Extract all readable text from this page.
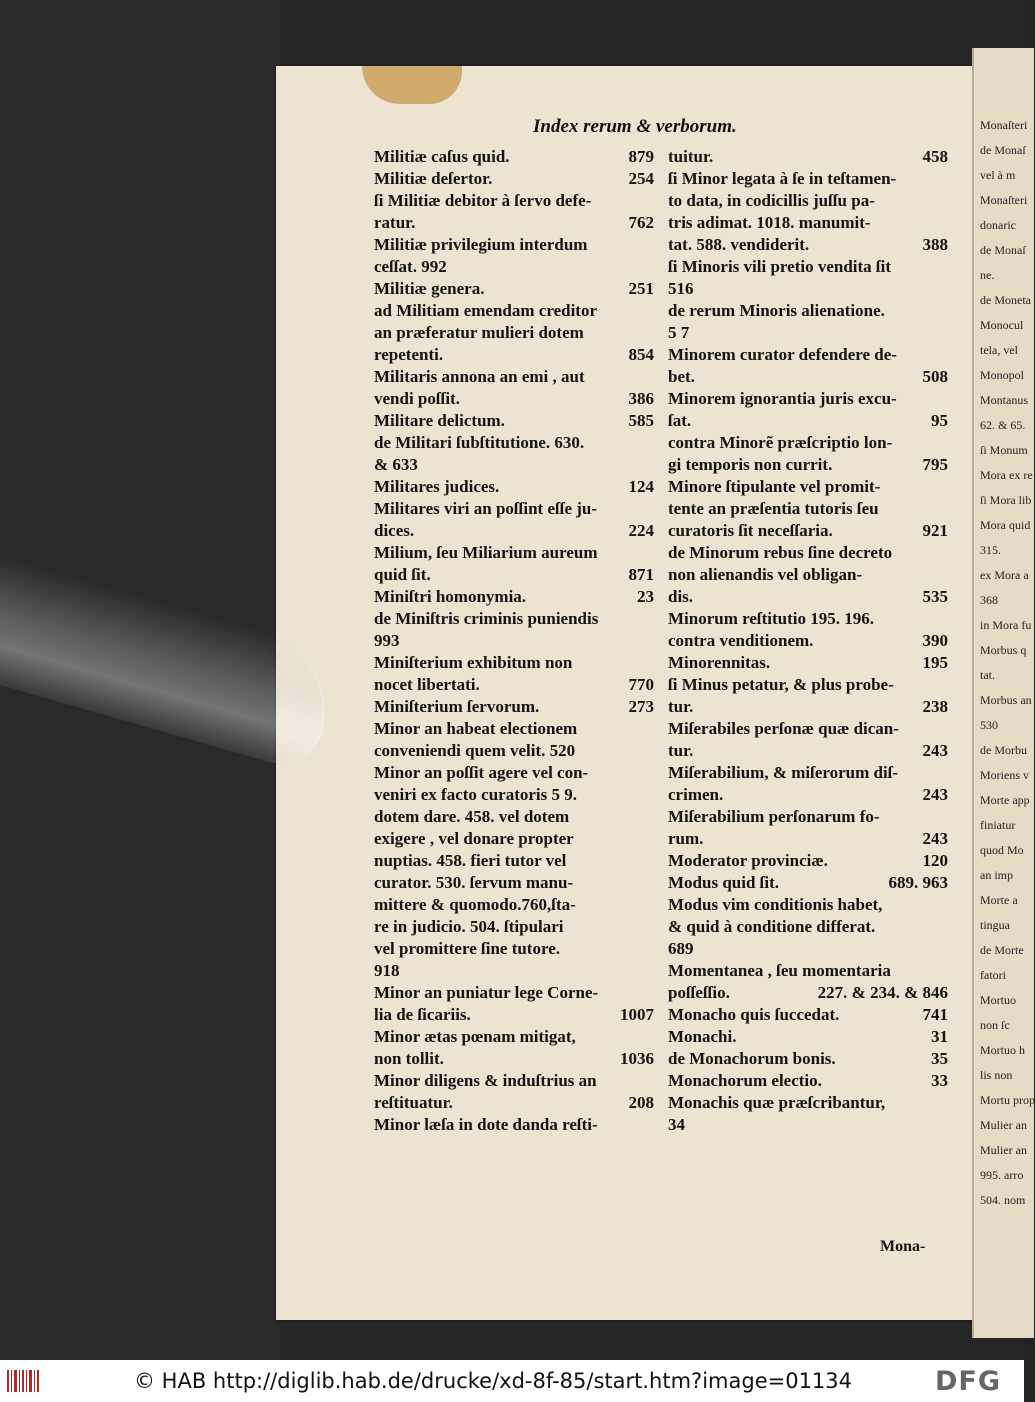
Index rerum & verborum.
Militiæ caſus quid.	879
Militiæ deſertor.	254
ſi Militiæ debitor à ſervo defe-
ratur.	762
Militiæ privilegium interdum
ceſſat. 992
Militiæ genera.	251
ad Militiam emendam creditor
an præferatur mulieri dotem
repetenti.	854
Militaris annona an emi , aut
vendi poſſit.	386
Militare delictum.	585
de Militari ſubſtitutione. 630.
& 633
Militares judices.	124
Militares viri an poſſint eſſe ju-
dices.	224
Milium, ſeu Miliarium aureum
quid ſit.	871
Miniſtri homonymia.	23
de Miniſtris criminis puniendis
993
Miniſterium exhibitum non
nocet libertati.	770
Miniſterium ſervorum.	273
Minor an habeat electionem
conveniendi quem velit. 520
Minor an poſſit agere vel con-
veniri ex facto curatoris 5 9.
dotem dare. 458. vel dotem
exigere , vel donare propter
nuptias. 458. fieri tutor vel
curator. 530. ſervum manu-
mittere & quomodo.760,ſta-
re in judicio. 504. ſtipulari
vel promittere ſine tutore.
918
Minor an puniatur lege Corne-
lia de ſicariis.	1007
Minor ætas pœnam mitigat,
non tollit.	1036
Minor diligens & induſtrius an
reſtituatur.	208
Minor læſa in dote danda reſti-
tuitur.	458
ſi Minor legata à ſe in teſtamen-
to data, in codicillis juſſu pa-
tris adimat. 1018. manumit-
tat. 588. vendiderit.	388
ſi Minoris vili pretio vendita ſit
516
de rerum Minoris alienatione.
5 7
Minorem curator defendere de-
bet.	508
Minorem ignorantia juris excu-
ſat.	95
contra Minorẽ præſcriptio lon-
gi temporis non currit.	795
Minore ſtipulante vel promit-
tente an præſentia tutoris ſeu
curatoris ſit neceſſaria.	921
de Minorum rebus ſine decreto
non alienandis vel obligan-
dis.	535
Minorum reſtitutio 195. 196.
contra venditionem.	390
Minorennitas.	195
ſi Minus petatur, & plus probe-
tur.	238
Miſerabiles perſonæ quæ dican-
tur.	243
Miſerabilium, & miſerorum diſ-
crimen.	243
Miſerabilium perſonarum fo-
rum.	243
Moderator provinciæ.	120
Modus quid ſit.	689. 963
Modus vim conditionis habet,
& quid à conditione differat.
689
Momentanea , ſeu momentaria
poſſeſſio.	227. & 234. & 846
Monacho quis ſuccedat.	741
Monachi.	31
de Monachorum bonis.	35
Monachorum electio.	33
Monachis quæ præſcribantur,
34
Mona-
Monaſteri
de Monaſ
vel à m
Monaſteri
donaric
de Monaſ
ne.
de Moneta
Monocul
tela, vel
Monopol
Montanus
62. & 65.
ſi Monum
Mora ex re
ſi Mora lib
Mora quid
315.
ex Mora a
368
in Mora fu
Morbus q
tat.
Morbus an
530
de Morbu
Moriens v
Morte app
finiatur
quod Mo
an imp
Morte a
tingua
de Morte
fatori
Mortuo
non ſc
Mortuo h
lis non
Mortu prop
Mulier an
Mulier an
995. arro
504. nom
© HAB http://diglib.hab.de/drucke/xd-8f-85/start.htm?image=01134	DFG
